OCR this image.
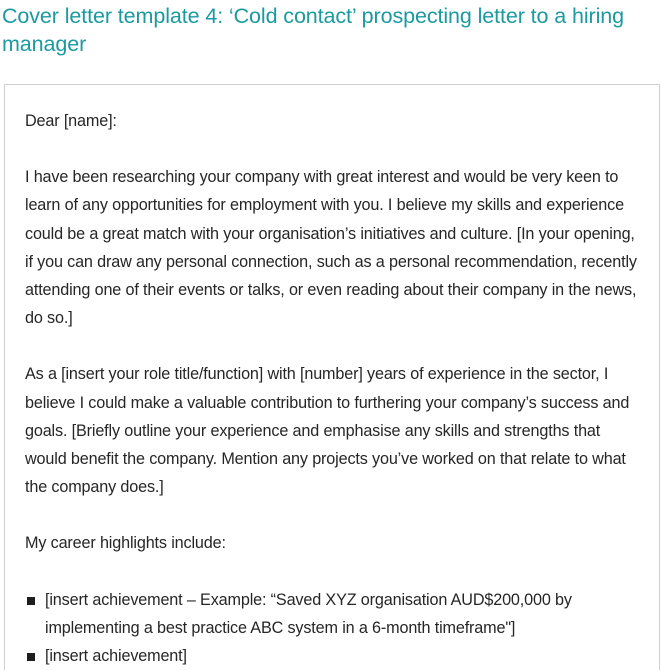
Cover letter template 4: ‘Cold contact’ prospecting letter to a hiring manager

Dear [name]:

I have been researching your company with great interest and would be very keen to learn of any opportunities for employment with you. I believe my skills and experience could be a great match with your organisation’s initiatives and culture. [In your opening, if you can draw any personal connection, such as a personal recommendation, recently attending one of their events or talks, or even reading about their company in the news, do so.]

As a [insert your role title/function] with [number] years of experience in the sector, I believe I could make a valuable contribution to furthering your company’s success and goals. [Briefly outline your experience and emphasise any skills and strengths that would benefit the company. Mention any projects you’ve worked on that relate to what the company does.]

My career highlights include:

[insert achievement – Example: “Saved XYZ organisation AUD$200,000 by implementing a best practice ABC system in a 6-month timeframe"]
[insert achievement]
